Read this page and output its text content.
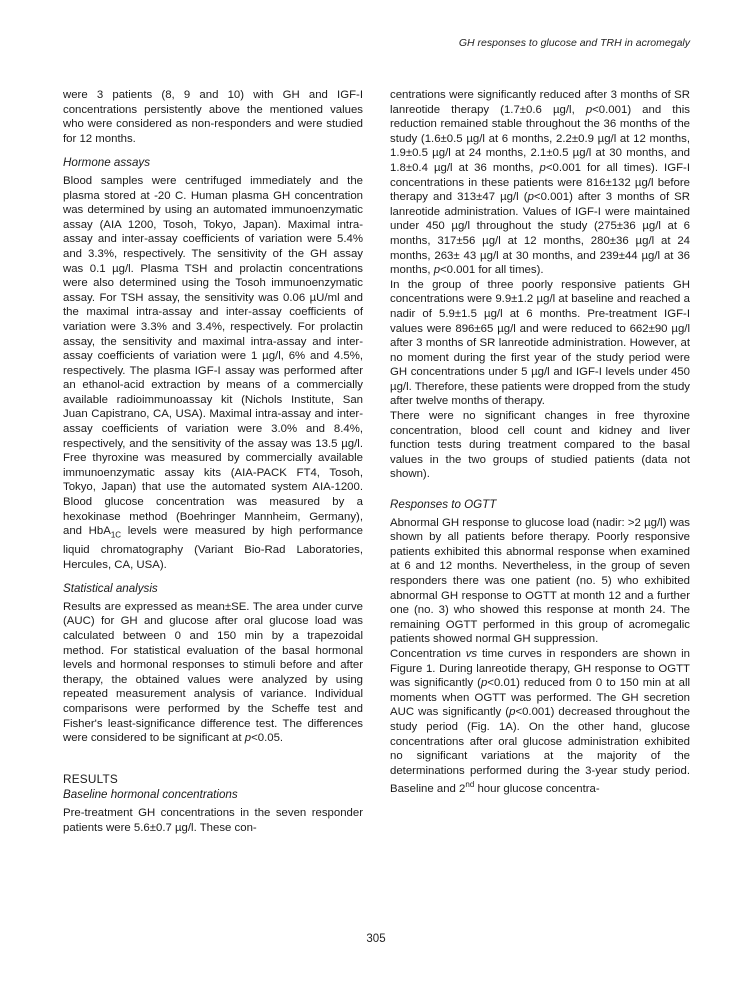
GH responses to glucose and TRH in acromegaly

were 3 patients (8, 9 and 10) with GH and IGF-I concentrations persistently above the mentioned values who were considered as non-responders and were studied for 12 months.

Hormone assays

Blood samples were centrifuged immediately and the plasma stored at -20 C. Human plasma GH concentration was determined by using an automated immunoenzymatic assay (AIA 1200, Tosoh, Tokyo, Japan). Maximal intra-assay and inter-assay coefficients of variation were 5.4% and 3.3%, respectively. The sensitivity of the GH assay was 0.1 µg/l. Plasma TSH and prolactin concentrations were also determined using the Tosoh immunoenzymatic assay. For TSH assay, the sensitivity was 0.06 µU/ml and the maximal intra-assay and inter-assay coefficients of variation were 3.3% and 3.4%, respectively. For prolactin assay, the sensitivity and maximal intra-assay and inter-assay coefficients of variation were 1 µg/l, 6% and 4.5%, respectively. The plasma IGF-I assay was performed after an ethanol-acid extraction by means of a commercially available radioimmunoassay kit (Nichols Institute, San Juan Capistrano, CA, USA). Maximal intra-assay and inter-assay coefficients of variation were 3.0% and 8.4%, respectively, and the sensitivity of the assay was 13.5 µg/l. Free thyroxine was measured by commercially available immunoenzymatic assay kits (AIA-PACK FT4, Tosoh, Tokyo, Japan) that use the automated system AIA-1200. Blood glucose concentration was measured by a hexokinase method (Boehringer Mannheim, Germany), and HbA$_{1C}$ levels were measured by high performance liquid chromatography (Variant Bio-Rad Laboratories, Hercules, CA, USA).

Statistical analysis

Results are expressed as mean±SE. The area under curve (AUC) for GH and glucose after oral glucose load was calculated between 0 and 150 min by a trapezoidal method. For statistical evaluation of the basal hormonal levels and hormonal responses to stimuli before and after therapy, the obtained values were analyzed by using repeated measurement analysis of variance. Individual comparisons were performed by the Scheffe test and Fisher's least-significance difference test. The differences were considered to be significant at p<0.05.

RESULTS
Baseline hormonal concentrations

Pre-treatment GH concentrations in the seven responder patients were 5.6±0.7 µg/l. These con-

centrations were significantly reduced after 3 months of SR lanreotide therapy (1.7±0.6 µg/l, p<0.001) and this reduction remained stable throughout the 36 months of the study (1.6±0.5 µg/l at 6 months, 2.2±0.9 µg/l at 12 months, 1.9±0.5 µg/l at 24 months, 2.1±0.5 µg/l at 30 months, and 1.8±0.4 µg/l at 36 months, p<0.001 for all times). IGF-I concentrations in these patients were 816±132 µg/l before therapy and 313±47 µg/l (p<0.001) after 3 months of SR lanreotide administration. Values of IGF-I were maintained under 450 µg/l throughout the study (275±36 µg/l at 6 months, 317±56 µg/l at 12 months, 280±36 µg/l at 24 months, 263± 43 µg/l at 30 months, and 239±44 µg/l at 36 months, p<0.001 for all times).

In the group of three poorly responsive patients GH concentrations were 9.9±1.2 µg/l at baseline and reached a nadir of 5.9±1.5 µg/l at 6 months. Pre-treatment IGF-I values were 896±65 µg/l and were reduced to 662±90 µg/l after 3 months of SR lanreotide administration. However, at no moment during the first year of the study period were GH concentrations under 5 µg/l and IGF-I levels under 450 µg/l. Therefore, these patients were dropped from the study after twelve months of therapy.

There were no significant changes in free thyroxine concentration, blood cell count and kidney and liver function tests during treatment compared to the basal values in the two groups of studied patients (data not shown).

Responses to OGTT

Abnormal GH response to glucose load (nadir: >2 µg/l) was shown by all patients before therapy. Poorly responsive patients exhibited this abnormal response when examined at 6 and 12 months. Nevertheless, in the group of seven responders there was one patient (no. 5) who exhibited abnormal GH response to OGTT at month 12 and a further one (no. 3) who showed this response at month 24. The remaining OGTT performed in this group of acromegalic patients showed normal GH suppression.

Concentration vs time curves in responders are shown in Figure 1. During lanreotide therapy, GH response to OGTT was significantly (p<0.01) reduced from 0 to 150 min at all moments when OGTT was performed. The GH secretion AUC was significantly (p<0.001) decreased throughout the study period (Fig. 1A). On the other hand, glucose concentrations after oral glucose administration exhibited no significant variations at the majority of the determinations performed during the 3-year study period. Baseline and 2nd hour glucose concentra-

305
